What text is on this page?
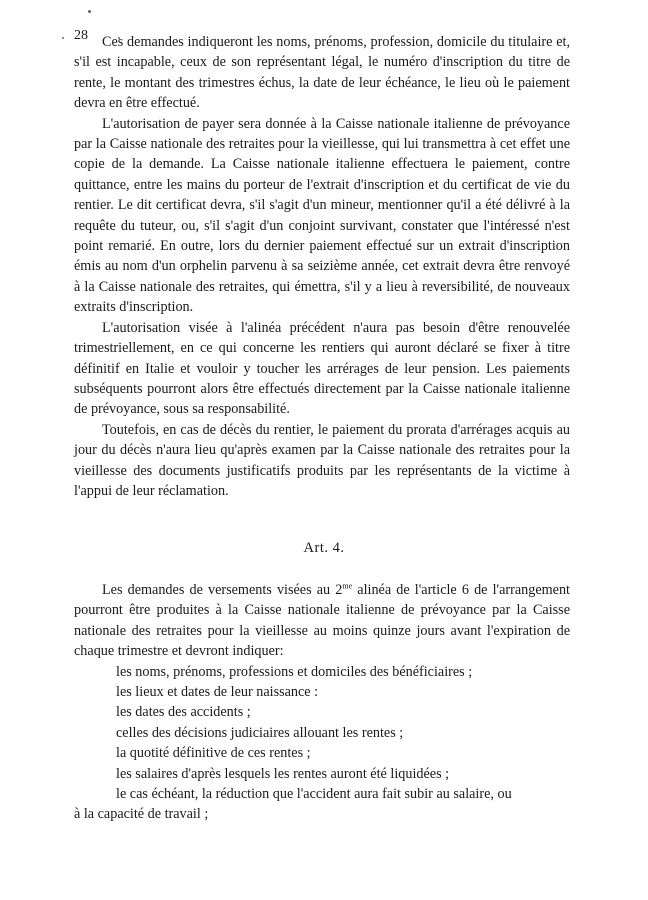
28 Ces demandes indiqueront les noms, prénoms, profession, domicile du titulaire et, s'il est incapable, ceux de son représentant légal, le numéro d'inscription du titre de rente, le montant des trimestres échus, la date de leur échéance, le lieu où le paiement devra en être effectué.

L'autorisation de payer sera donnée à la Caisse nationale italienne de prévoyance par la Caisse nationale des retraites pour la vieillesse, qui lui transmettra à cet effet une copie de la demande. La Caisse nationale italienne effectuera le paiement, contre quittance, entre les mains du porteur de l'extrait d'inscription et du certificat de vie du rentier. Le dit certificat devra, s'il s'agit d'un mineur, mentionner qu'il a été délivré à la requête du tuteur, ou, s'il s'agit d'un conjoint survivant, constater que l'intéressé n'est point remarié. En outre, lors du dernier paiement effectué sur un extrait d'inscription émis au nom d'un orphelin parvenu à sa seizième année, cet extrait devra être renvoyé à la Caisse nationale des retraites, qui émettra, s'il y a lieu à reversibilité, de nouveaux extraits d'inscription.

L'autorisation visée à l'alinéa précédent n'aura pas besoin d'être renouvelée trimestriellement, en ce qui concerne les rentiers qui auront déclaré se fixer à titre définitif en Italie et vouloir y toucher les arrérages de leur pension. Les paiements subséquents pourront alors être effectués directement par la Caisse nationale italienne de prévoyance, sous sa responsabilité.

Toutefois, en cas de décès du rentier, le paiement du prorata d'arrérages acquis au jour du décès n'aura lieu qu'après examen par la Caisse nationale des retraites pour la vieillesse des documents justificatifs produits par les représentants de la victime à l'appui de leur réclamation.

Art. 4.

Les demandes de versements visées au $2^{me}$ alinéa de l'article 6 de l'arrangement pourront être produites à la Caisse nationale italienne de prévoyance par la Caisse nationale des retraites pour la vieillesse au moins quinze jours avant l'expiration de chaque trimestre et devront indiquer:

les noms, prénoms, professions et domiciles des bénéficiaires ;
les lieux et dates de leur naissance :
les dates des accidents ;
celles des décisions judiciaires allouant les rentes ;
la quotité définitive de ces rentes ;
les salaires d'après lesquels les rentes auront été liquidées ;
le cas échéant, la réduction que l'accident aura fait subir au salaire, ou
à la capacité de travail ;
